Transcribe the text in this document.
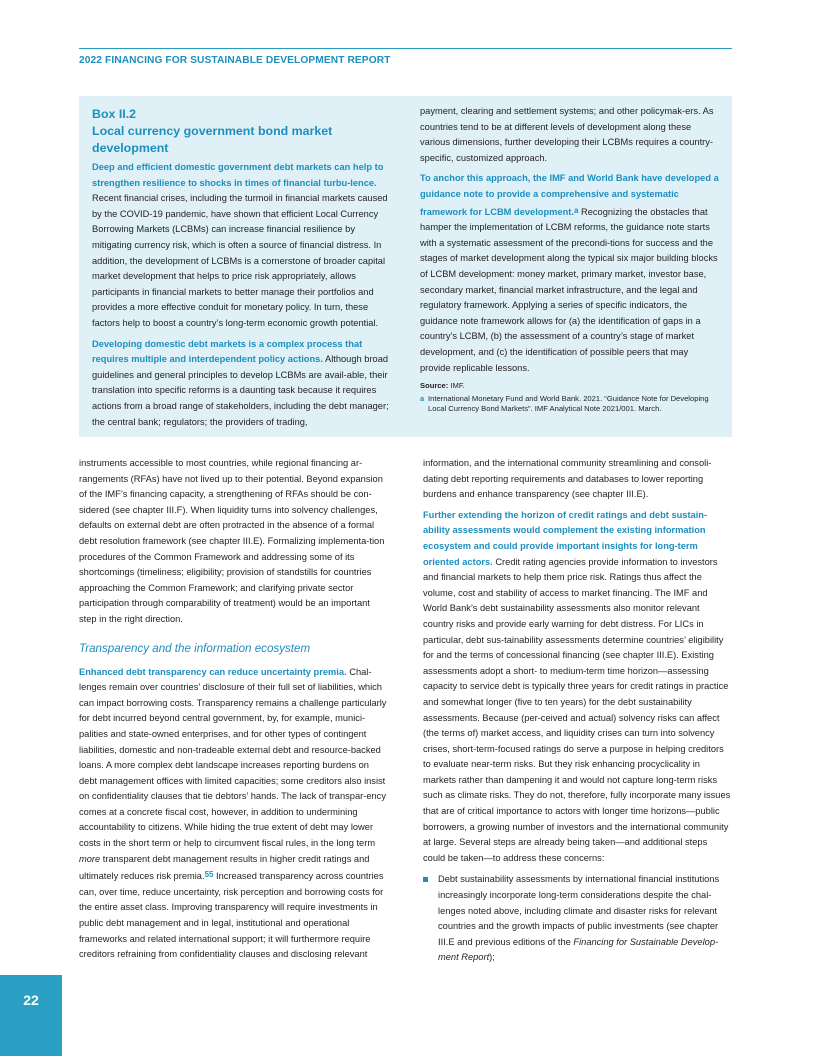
2022 FINANCING FOR SUSTAINABLE DEVELOPMENT REPORT
Box II.2
Local currency government bond market development

Deep and efficient domestic government debt markets can help to strengthen resilience to shocks in times of financial turbu-lence. Recent financial crises, including the turmoil in financial markets caused by the COVID-19 pandemic, have shown that efficient Local Currency Borrowing Markets (LCBMs) can increase financial resilience by mitigating currency risk, which is often a source of financial distress. In addition, the development of LCBMs is a cornerstone of broader capital market development that helps to price risk appropriately, allows participants in financial markets to better manage their portfolios and provides a more effective conduit for monetary policy. In turn, these factors help to boost a country’s long-term economic growth potential.

Developing domestic debt markets is a complex process that requires multiple and interdependent policy actions. Although broad guidelines and general principles to develop LCBMs are avail-able, their translation into specific reforms is a daunting task because it requires actions from a broad range of stakeholders, including the debt manager; the central bank; regulators; the providers of trading,

payment, clearing and settlement systems; and other policymak-ers. As countries tend to be at different levels of development along these various dimensions, further developing their LCBMs requires a country-specific, customized approach.

To anchor this approach, the IMF and World Bank have developed a guidance note to provide a comprehensive and systematic framework for LCBM development.a Recognizing the obstacles that hamper the implementation of LCBM reforms, the guidance note starts with a systematic assessment of the precondi-tions for success and the stages of market development along the typical six major building blocks of LCBM development: money market, primary market, investor base, secondary market, financial market infrastructure, and the legal and regulatory framework. Applying a series of specific indicators, the guidance note framework allows for (a) the identification of gaps in a country’s LCBM, (b) the assessment of a country’s stage of market development, and (c) the identification of possible peers that may provide replicable lessons.

Source: IMF.
a International Monetary Fund and World Bank. 2021. “Guidance Note for Developing Local Currency Bond Markets”. IMF Analytical Note 2021/001. March.

instruments accessible to most countries, while regional financing ar-rangements (RFAs) have not lived up to their potential. Beyond expansion of the IMF’s financing capacity, a strengthening of RFAs should be con-sidered (see chapter III.F). When liquidity turns into solvency challenges, defaults on external debt are often protracted in the absence of a formal debt resolution framework (see chapter III.E). Formalizing implementa-tion procedures of the Common Framework and addressing some of its shortcomings (timeliness; eligibility; provision of standstills for countries approaching the Common Framework; and clarifying private sector participation through comparability of treatment) would be an important step in the right direction.

Transparency and the information ecosystem

Enhanced debt transparency can reduce uncertainty premia. Chal-lenges remain over countries’ disclosure of their full set of liabilities, which can impact borrowing costs. Transparency remains a challenge particularly for debt incurred beyond central government, by, for example, munici-palities and state-owned enterprises, and for other types of contingent liabilities, domestic and non-tradeable external debt and resource-backed loans. A more complex debt landscape increases reporting burdens on debt management offices with limited capacities; some creditors also insist on confidentiality clauses that tie debtors’ hands. The lack of transpar-ency comes at a concrete fiscal cost, however, in addition to undermining accountability to citizens. While hiding the true extent of debt may lower costs in the short term or help to circumvent fiscal rules, in the long term more transparent debt management results in higher credit ratings and ultimately reduces risk premia.55 Increased transparency across countries can, over time, reduce uncertainty, risk perception and borrowing costs for the entire asset class. Improving transparency will require investments in public debt management and in legal, institutional and operational frameworks and related international support; it will furthermore require creditors refraining from confidentiality clauses and disclosing relevant

information, and the international community streamlining and consoli-dating debt reporting requirements and databases to lower reporting burdens and enhance transparency (see chapter III.E).

Further extending the horizon of credit ratings and debt sustain-ability assessments would complement the existing information ecosystem and could provide important insights for long-term oriented actors. Credit rating agencies provide information to investors and financial markets to help them price risk. Ratings thus affect the volume, cost and stability of access to market financing. The IMF and World Bank’s debt sustainability assessments also monitor relevant country risks and provide early warning for debt distress. For LICs in particular, debt sus-tainability assessments determine countries’ eligibility for and the terms of concessional financing (see chapter III.E). Existing assessments adopt a short- to medium-term time horizon—assessing capacity to service debt is typically three years for credit ratings in practice and somewhat longer (five to ten years) for the debt sustainability assessments. Because (per-ceived and actual) solvency risks can affect (the terms of) market access, and liquidity crises can turn into solvency crises, short-term-focused ratings do serve a purpose in helping creditors to evaluate near-term risks. But they risk enhancing procyclicality in markets rather than dampening it and would not capture long-term risks such as climate risks. They do not, therefore, fully incorporate many issues that are of critical importance to actors with longer time horizons—public borrowers, a growing number of investors and the international community at large. Several steps are already being taken—and additional steps could be taken—to address these concerns:

Debt sustainability assessments by international financial institutions increasingly incorporate long-term considerations despite the chal-lenges noted above, including climate and disaster risks for relevant countries and the growth impacts of public investments (see chapter III.E and previous editions of the Financing for Sustainable Develop-ment Report);
22
